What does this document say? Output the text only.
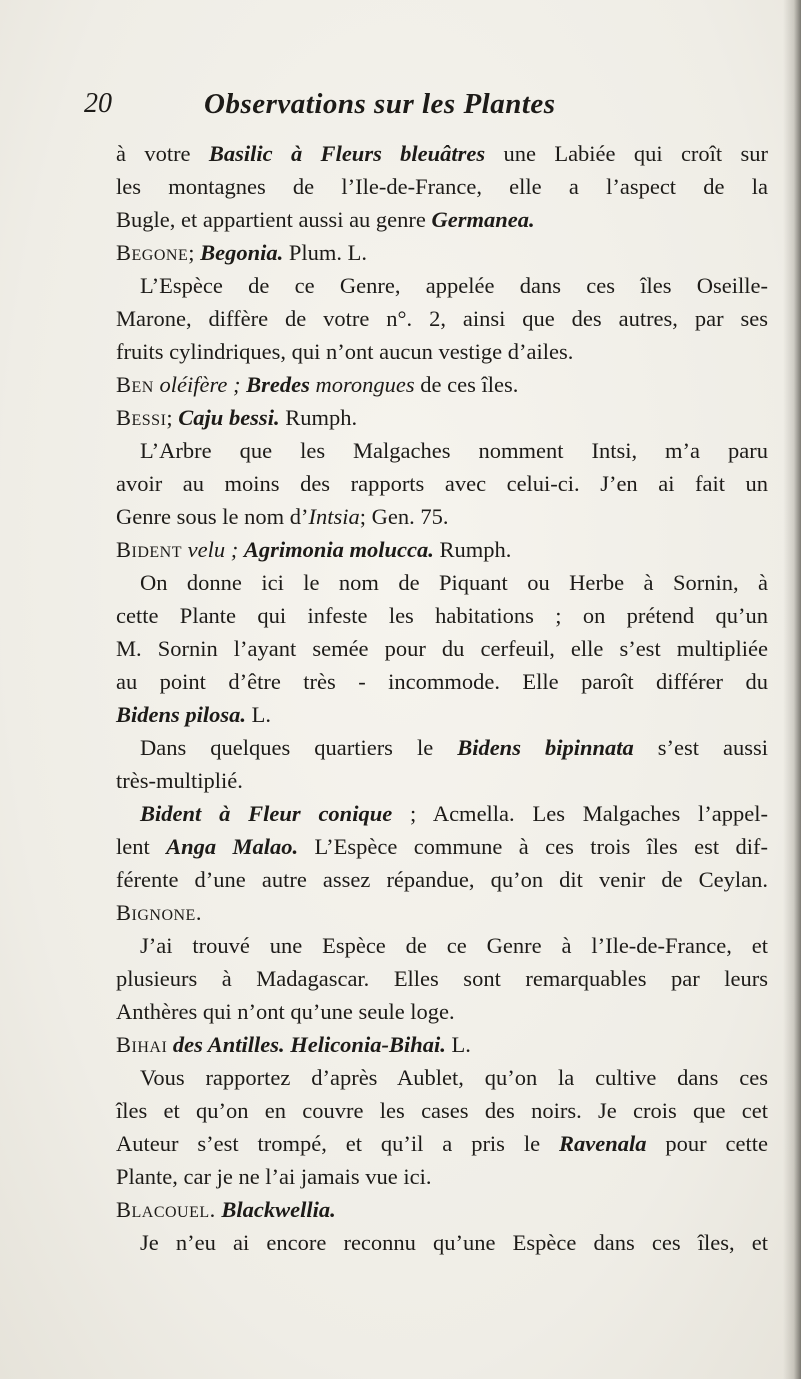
20	Observations sur les Plantes
à votre Basilic à Fleurs bleuâtres une Labiée qui croît sur
les montagnes de l’Ile-de-France, elle a l’aspect de la
Bugle, et appartient aussi au genre Germanea.
Begone; Begonia. Plum. L.
L’Espèce de ce Genre, appelée dans ces îles Oseille-
Marone, diffère de votre n°. 2, ainsi que des autres, par ses
fruits cylindriques, qui n’ont aucun vestige d’ailes.
Ben oléifère ; Bredes morongues de ces îles.
Bessi; Caju bessi. Rumph.
L’Arbre que les Malgaches nomment Intsi, m’a paru
avoir au moins des rapports avec celui-ci. J’en ai fait un
Genre sous le nom d’Intsia; Gen. 75.
Bident velu ; Agrimonia moluccа. Rumph.
On donne ici le nom de Piquant ou Herbe à Sornin, à
cette Plante qui infeste les habitations ; on prétend qu’un
M. Sornin l’ayant semée pour du cerfeuil, elle s’est multipliée
au point d’être très - incommode. Elle paroît différer du
Bidens pilosa. L.
Dans quelques quartiers le Bidens bipinnata s’est aussi
très-multiplié.
Bident à Fleur conique ; Acmella. Les Malgaches l’appel-
lent Anga Malao. L’Espèce commune à ces trois îles est dif-
férente d’une autre assez répandue, qu’on dit venir de Ceylan.
Bignone.
J’ai trouvé une Espèce de ce Genre à l’Ile-de-France, et
plusieurs à Madagascar. Elles sont remarquables par leurs
Anthères qui n’ont qu’une seule loge.
Bihai des Antilles. Heliconia-Bihai. L.
Vous rapportez d’après Aublet, qu’on la cultive dans ces
îles et qu’on en couvre les cases des noirs. Je crois que cet
Auteur s’est trompé, et qu’il a pris le Ravenala pour cette
Plante, car je ne l’ai jamais vue ici.
Blacouel. Blackwellia.
Je n’eu ai encore reconnu qu’une Espèce dans ces îles, et
